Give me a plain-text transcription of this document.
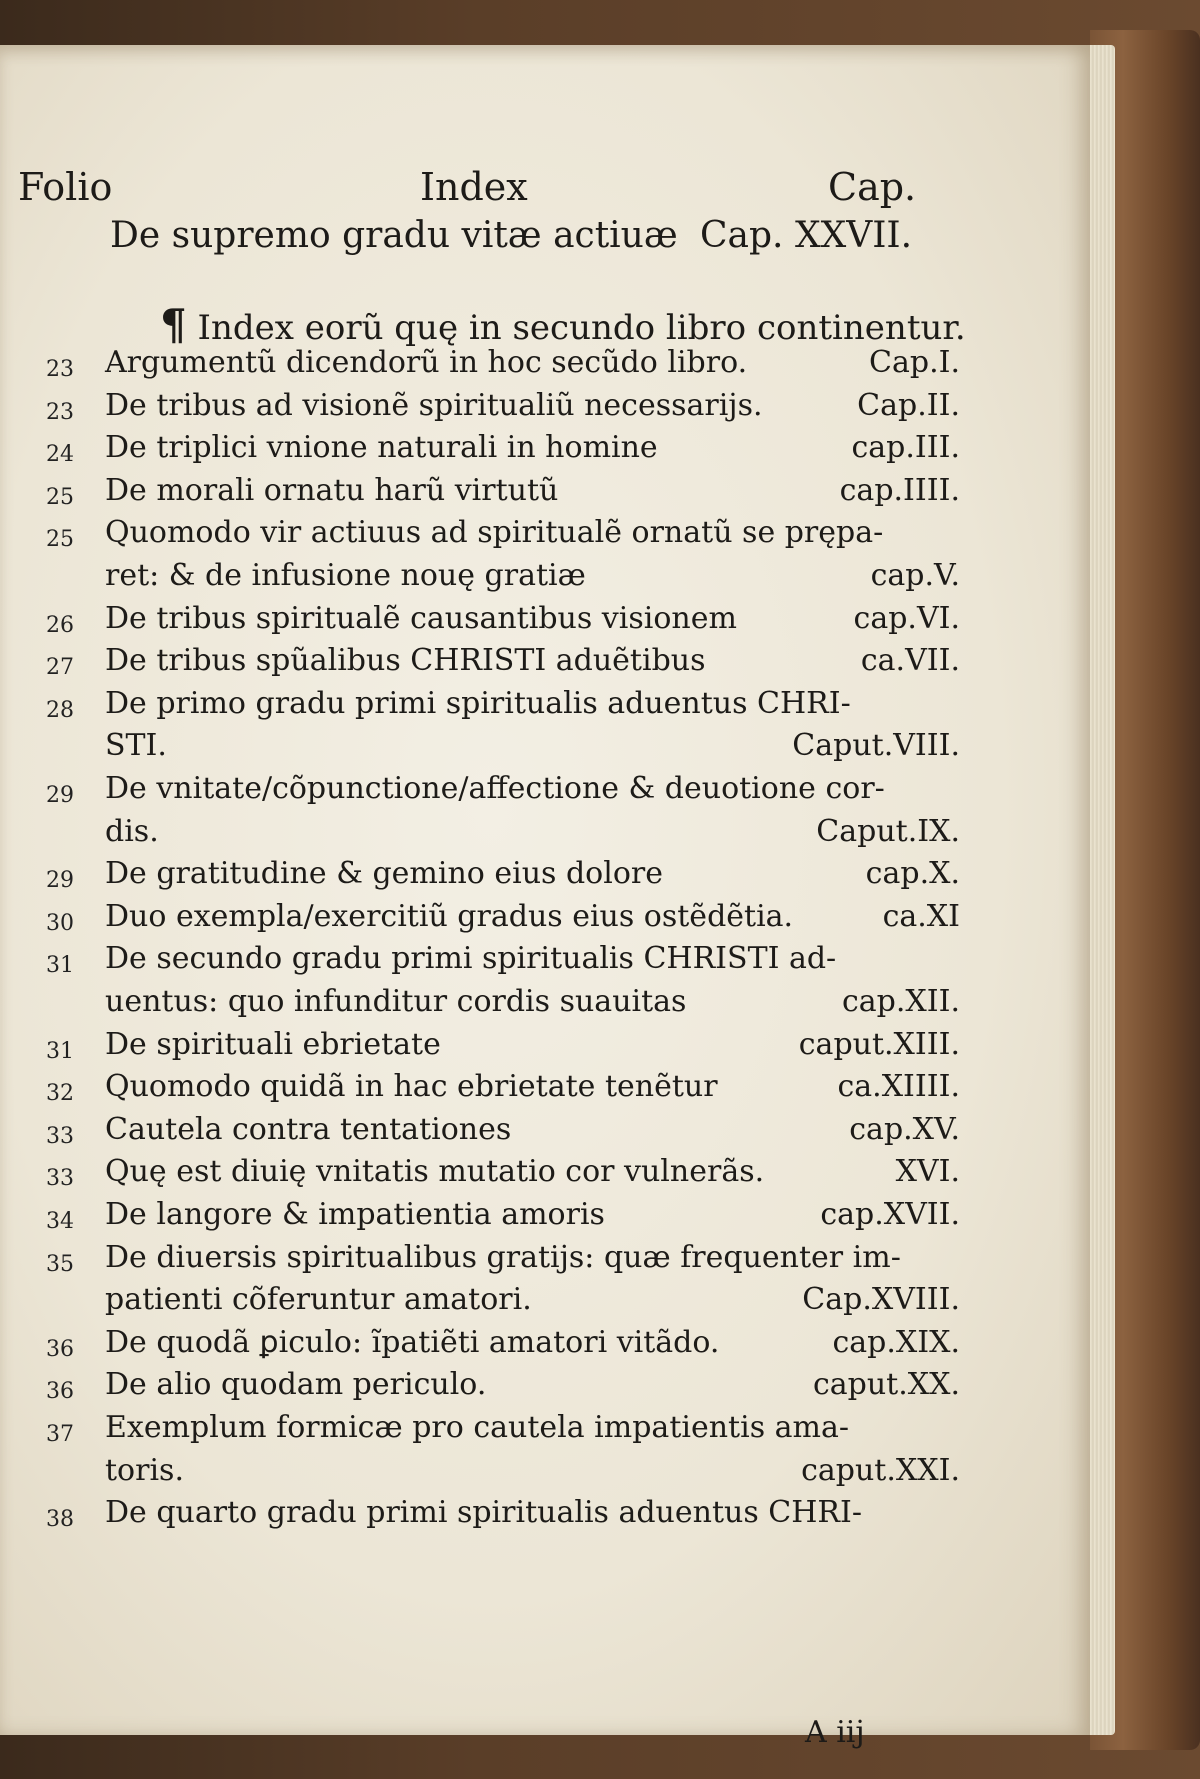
Folio	Index	Cap.
De supremo gradu vitæ actiuæ Cap. XXVII.
¶ Index eorũ quę in secundo libro continentur.
23	Argumentũ dicendorũ in hoc secũdo libro.	Cap.I.
23	De tribus ad visionẽ spiritualiũ necessarijs.	Cap.II.
24	De triplici vnione naturali in homine	cap.III.
25	De morali ornatu harũ virtutũ	cap.IIII.
25	Quomodo vir actiuus ad spiritualẽ ornatũ se prępa-
ret: & de infusione nouę gratiæ	cap.V.
26	De tribus spiritualẽ causantibus visionem	cap.VI.
27	De tribus spũalibus CHRISTI aduẽtibus	ca.VII.
28	De primo gradu primi spiritualis aduentus CHRI-
STI.	Caput.VIII.
29	De vnitate/cõpunctione/affectione & deuotione cor-
dis.	Caput.IX.
29	De gratitudine & gemino eius dolore	cap.X.
30	Duo exempla/exercitiũ gradus eius ostẽdẽtia.	ca.XI
31	De secundo gradu primi spiritualis CHRISTI ad-
uentus: quo infunditur cordis suauitas	cap.XII.
31	De spirituali ebrietate	caput.XIII.
32	Quomodo quidã in hac ebrietate tenẽtur	ca.XIIII.
33	Cautela contra tentationes	cap.XV.
33	Quę est diuię vnitatis mutatio cor vulnerãs.	XVI.
34	De langore & impatientia amoris	cap.XVII.
35	De diuersis spiritualibus gratijs: quæ frequenter im-
patienti cõferuntur amatori.	Cap.XVIII.
36	De quodã ꝑiculo: ĩpatiẽti amatori vitãdo.	cap.XIX.
36	De alio quodam periculo.	caput.XX.
37	Exemplum formicæ pro cautela impatientis ama-
toris.	caput.XXI.
38	De quarto gradu primi spiritualis aduentus CHRI-
A iij
